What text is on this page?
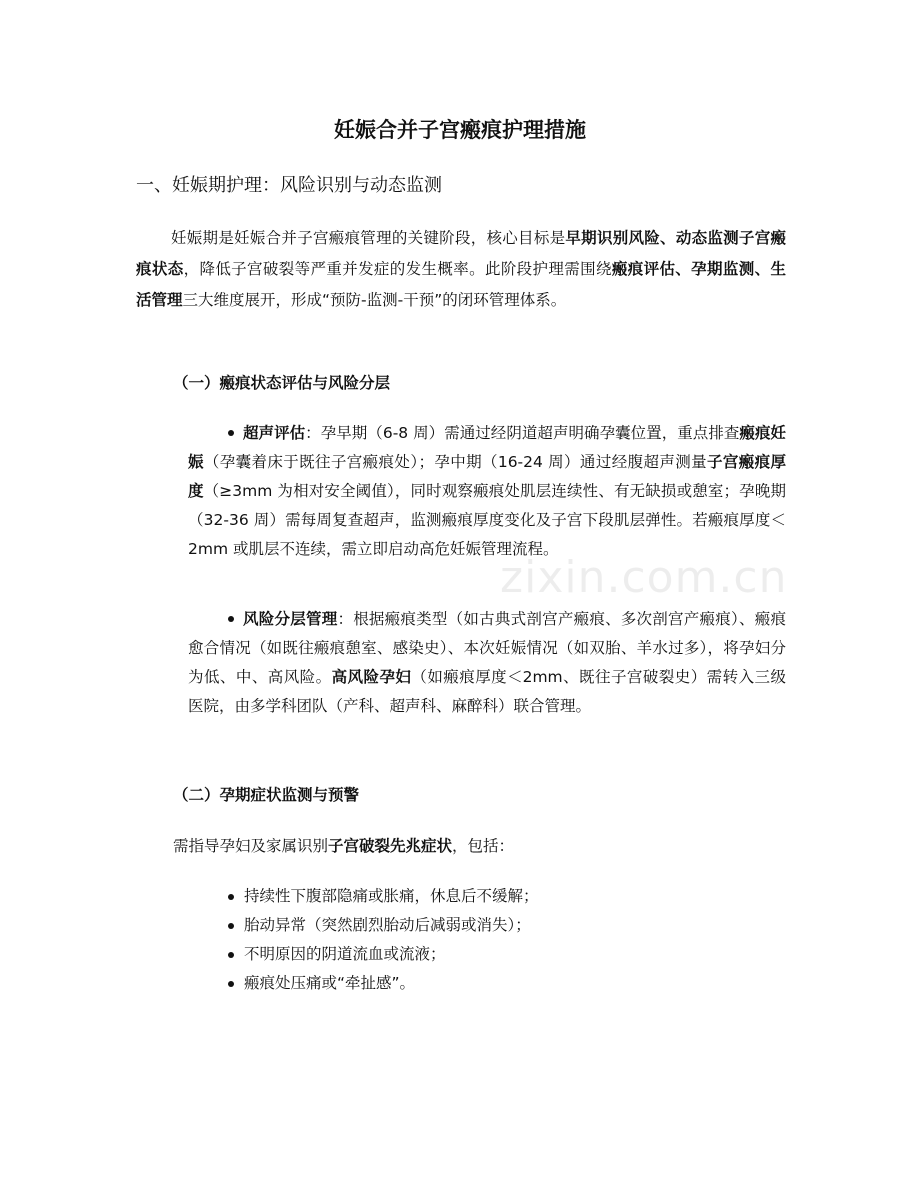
妊娠合并子宫瘢痕护理措施
一、妊娠期护理：风险识别与动态监测
妊娠期是妊娠合并子宫瘢痕管理的关键阶段，核心目标是早期识别风险、动态监测子宫瘢痕状态，降低子宫破裂等严重并发症的发生概率。此阶段护理需围绕瘢痕评估、孕期监测、生活管理三大维度展开，形成“预防-监测-干预”的闭环管理体系。
（一）瘢痕状态评估与风险分层
超声评估：孕早期（6-8 周）需通过经阴道超声明确孕囊位置，重点排查瘢痕妊娠（孕囊着床于既往子宫瘢痕处）；孕中期（16-24 周）通过经腹超声测量子宫瘢痕厚度（≥3mm 为相对安全阈值），同时观察瘢痕处肌层连续性、有无缺损或憩室；孕晚期（32-36 周）需每周复查超声，监测瘢痕厚度变化及子宫下段肌层弹性。若瘢痕厚度＜2mm 或肌层不连续，需立即启动高危妊娠管理流程。
风险分层管理：根据瘢痕类型（如古典式剖宫产瘢痕、多次剖宫产瘢痕）、瘢痕愈合情况（如既往瘢痕憩室、感染史）、本次妊娠情况（如双胎、羊水过多），将孕妇分为低、中、高风险。高风险孕妇（如瘢痕厚度＜2mm、既往子宫破裂史）需转入三级医院，由多学科团队（产科、超声科、麻醉科）联合管理。
（二）孕期症状监测与预警
需指导孕妇及家属识别子宫破裂先兆症状，包括：
持续性下腹部隐痛或胀痛，休息后不缓解；
胎动异常（突然剧烈胎动后减弱或消失）；
不明原因的阴道流血或流液；
瘢痕处压痛或“牵扯感”。
zixin.com.cn
